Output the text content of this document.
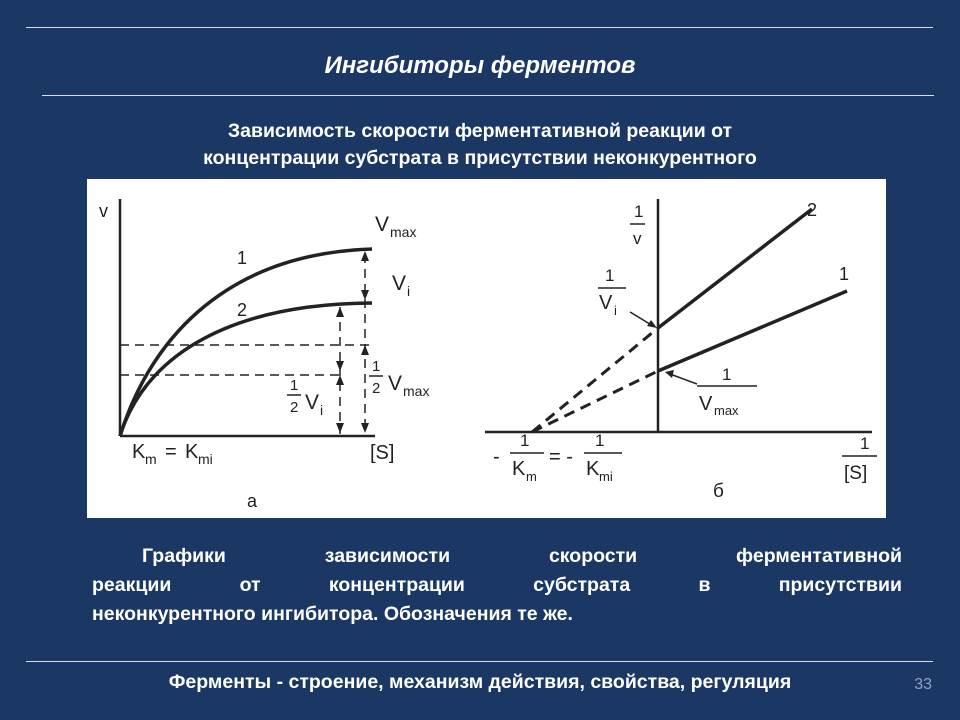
Ингибиторы ферментов
Зависимость скорости ферментативной реакции от
концентрации субстрата в присутствии неконкурентного
v
1
2
V max
V i
1
2 V max
1
2 V i
K m = K mi	[S]
а
1
v
2
1
1
V i
1
V max
-
1
K m
= -
1
K mi
1
[S]
б
Графики зависимости скорости ферментативной
реакции от концентрации субстрата в присутствии
неконкурентного ингибитора. Обозначения те же.
Ферменты - строение, механизм действия, свойства, регуляция	33
